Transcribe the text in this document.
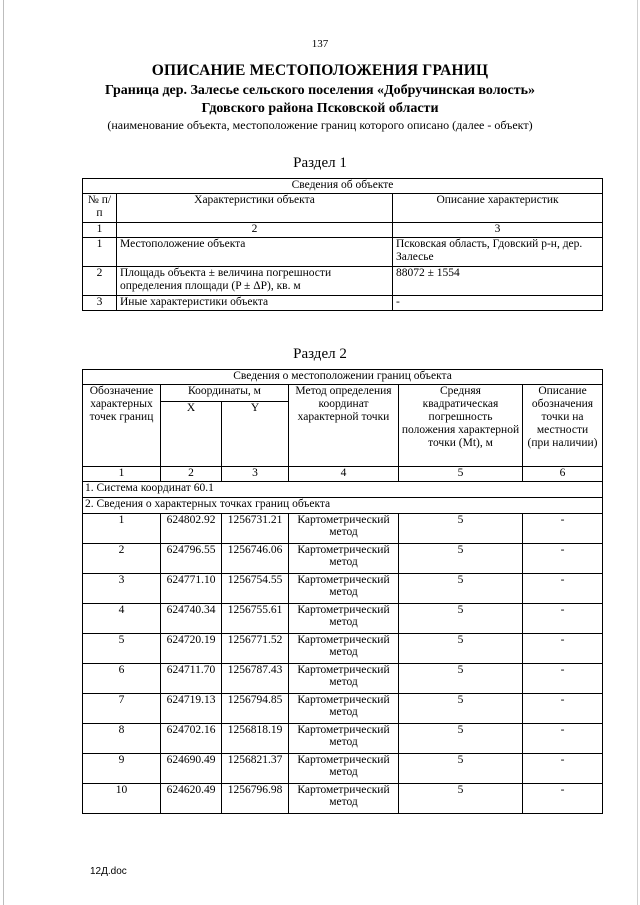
137
ОПИСАНИЕ МЕСТОПОЛОЖЕНИЯ ГРАНИЦ
Граница дер. Залесье сельского поселения «Добручинская волость»
Гдовского района Псковской области
(наименование объекта, местоположение границ которого описано (далее - объект)
Раздел 1
Сведения об объекте		
№ п/п	Характеристики объекта	Описание характеристик
1	2	3
1	Местоположение объекта	Псковская область, Гдовский р-н, дер. Залесье
2	Площадь объекта ± величина погрешности определения площади (P ± ΔP), кв. м	88072 ± 1554
3	Иные характеристики объекта	-
Раздел 2
Сведения о местоположении границ объекта					
Обозначение характерных точек границ	Координаты, м		Метод определения координат характерной точки	Средняя квадратическая погрешность положения характерной точки (Mt), м	Описание обозначения точки на местности (при наличии)
	X	Y			
1	2	3	4	5	6
1. Система координат 60.1					
2. Сведения о характерных точках границ объекта					
1	624802.92	1256731.21	Картометрический метод	5	-
2	624796.55	1256746.06	Картометрический метод	5	-
3	624771.10	1256754.55	Картометрический метод	5	-
4	624740.34	1256755.61	Картометрический метод	5	-
5	624720.19	1256771.52	Картометрический метод	5	-
6	624711.70	1256787.43	Картометрический метод	5	-
7	624719.13	1256794.85	Картометрический метод	5	-
8	624702.16	1256818.19	Картометрический метод	5	-
9	624690.49	1256821.37	Картометрический метод	5	-
10	624620.49	1256796.98	Картометрический метод	5	-
12Д.doc
